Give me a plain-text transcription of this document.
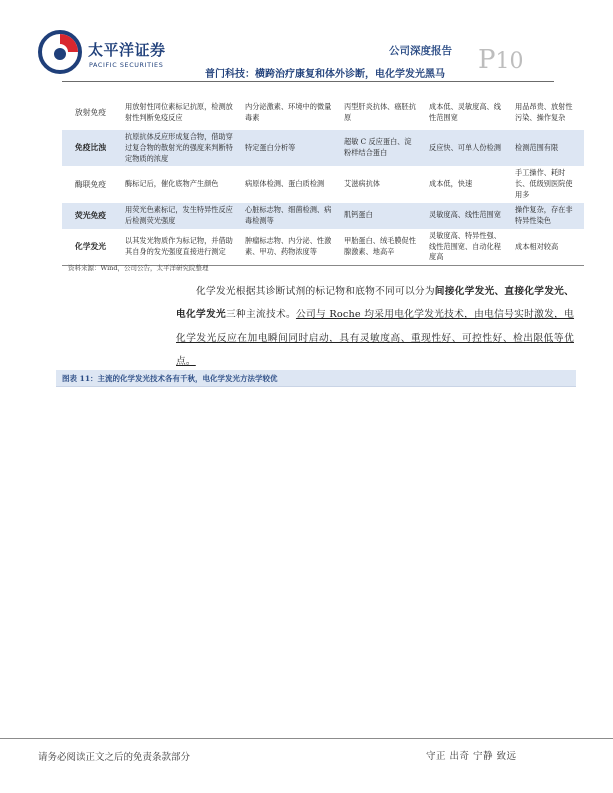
太平洋证券
PACIFIC SECURITIES
公司深度报告 P10
普门科技：横跨治疗康复和体外诊断，电化学发光黑马
放射免疫	用放射性同位素标记抗原，检测放射性判断免疫反应	内分泌激素、环境中的微量毒素	丙型肝炎抗体、癌胚抗原	成本低、灵敏度高、线性范围宽	用品昂贵、放射性污染、操作复杂
免疫比浊	抗原抗体反应形成复合物，借助穿过复合物的散射光的强度来判断特定物质的浓度	特定蛋白分析等	超敏 C 反应蛋白、淀粉样结合蛋白	反应快、可单人份检测	检测范围有限
酶联免疫	酶标记后，催化底物产生颜色	病原体检测、蛋白质检测	艾滋病抗体	成本低，快速	手工操作、耗时长、低级别医院使用多
荧光免疫	用荧光色素标记，发生特异性反应后检测荧光强度	心脏标志物、细菌检测、病毒检测等	肌钙蛋白	灵敏度高、线性范围宽	操作复杂，存在非特异性染色
化学发光	以其发光物质作为标记物，并借助其自身的发光强度直接进行测定	肿瘤标志物、内分泌、性激素、甲功、药物浓度等	甲胎蛋白、绒毛膜促性腺激素、地高辛	灵敏度高、特异性强、线性范围宽、自动化程度高	成本相对较高
资料来源：Wind，公司公告，太平洋研究院整理
化学发光根据其诊断试剂的标记物和底物不同可以分为间接化学发光、直接化学发光、电化学发光三种主流技术。公司与 Roche 均采用电化学发光技术，由电信号实时激发，电化学发光反应在加电瞬间同时启动，具有灵敏度高、重现性好、可控性好、检出限低等优点。
图表 11：主流的化学发光技术各有千秋，电化学发光方法学较优
请务必阅读正文之后的免责条款部分	守正 出奇 宁静 致远
